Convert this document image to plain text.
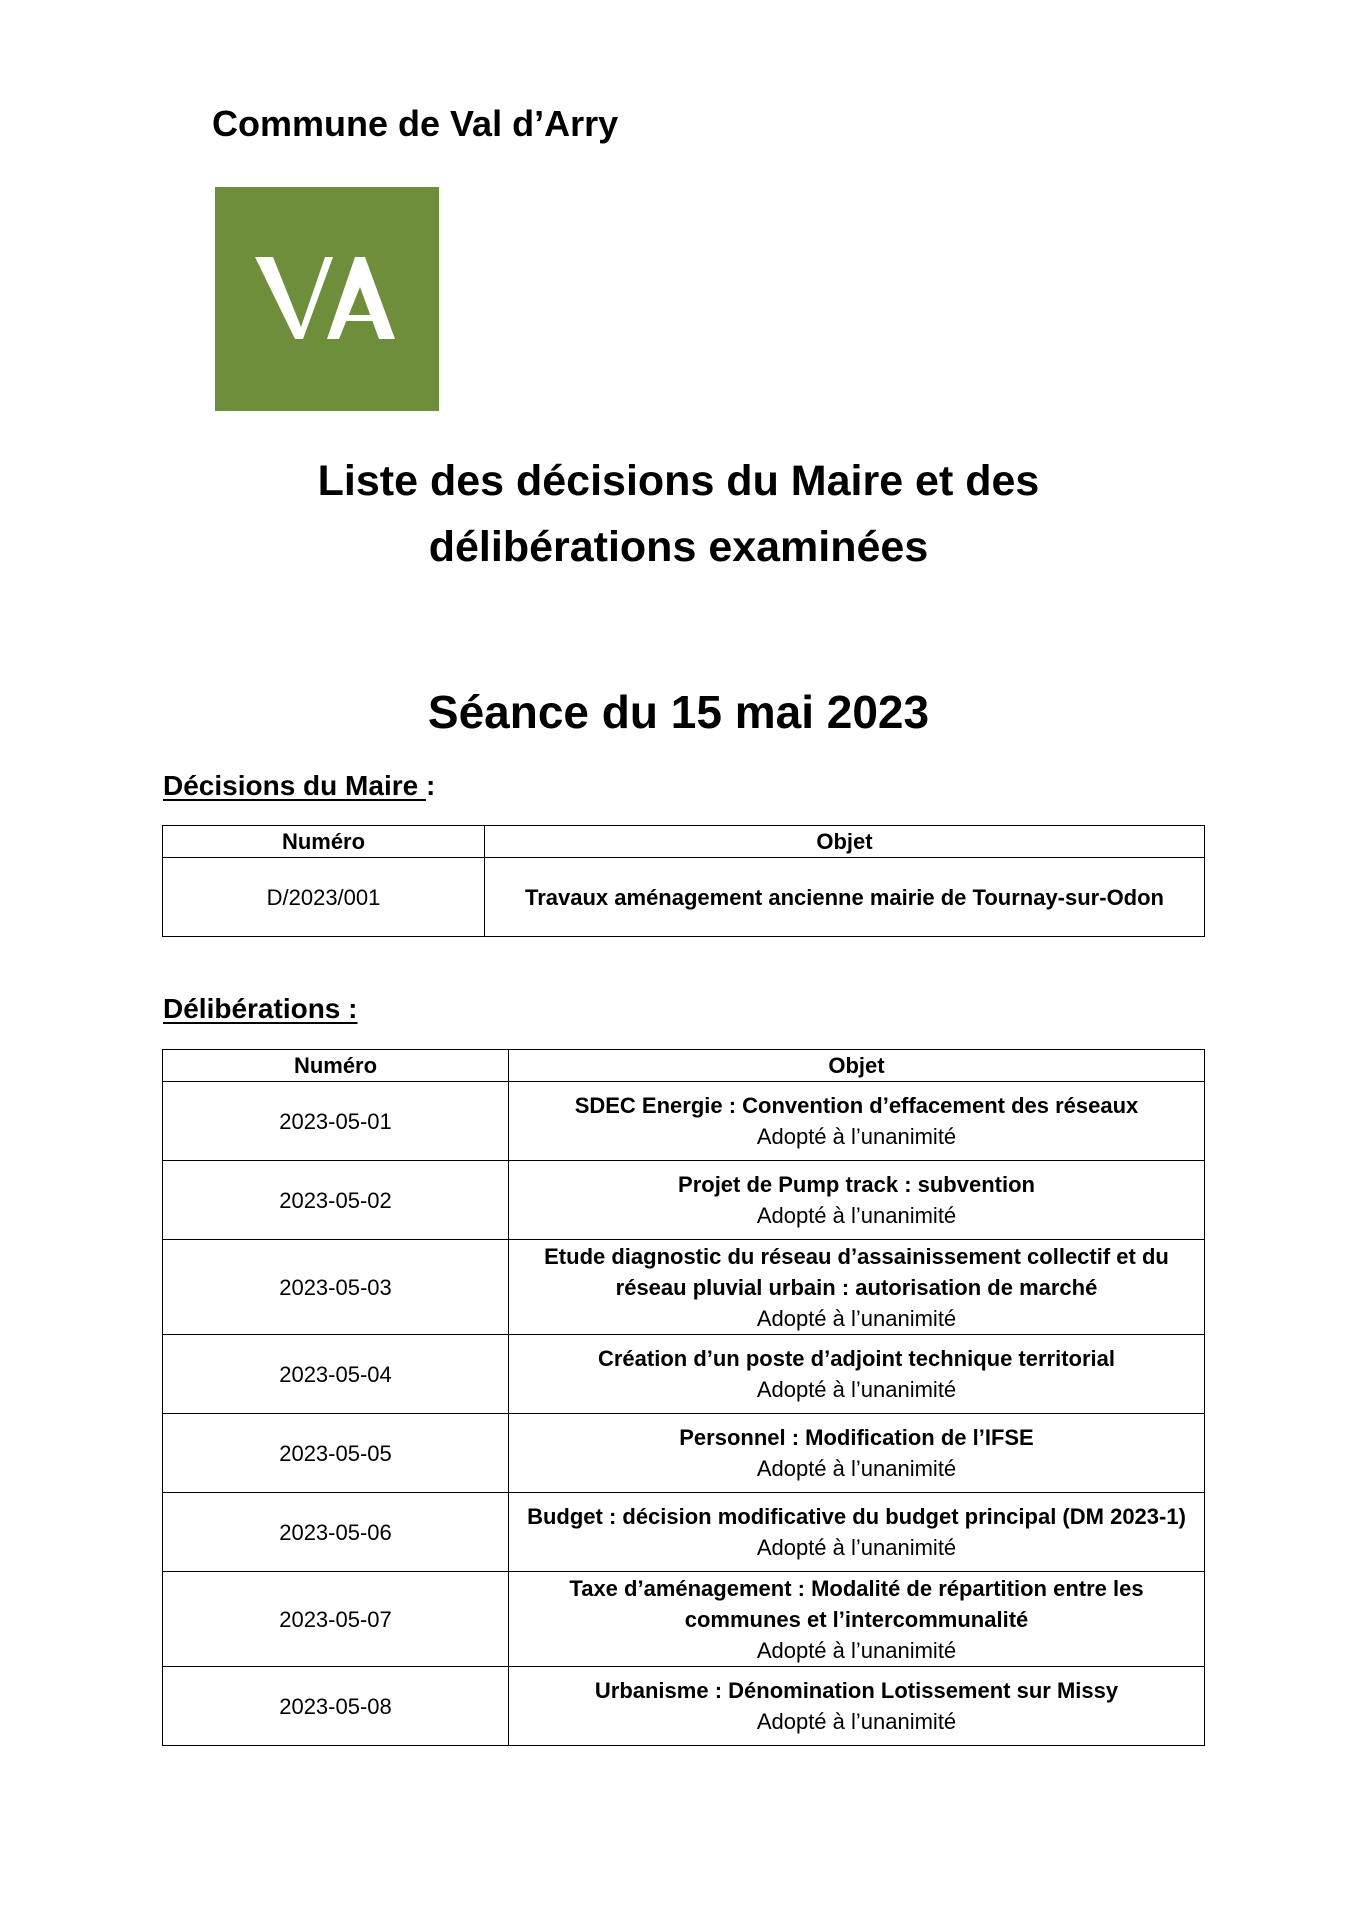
Commune de Val d’Arry
Liste des décisions du Maire et des
délibérations examinées
Séance du 15 mai 2023
Décisions du Maire :
Numéro	Objet
D/2023/001	Travaux aménagement ancienne mairie de Tournay-sur-Odon
Délibérations :
Numéro	Objet
2023-05-01	SDEC Energie : Convention d’effacement des réseaux
Adopté à l’unanimité

2023-05-02	Projet de Pump track : subvention
Adopté à l’unanimité

2023-05-03	Etude diagnostic du réseau d’assainissement collectif et du
réseau pluvial urbain : autorisation de marché
Adopté à l’unanimité

2023-05-04	Création d’un poste d’adjoint technique territorial
Adopté à l’unanimité

2023-05-05	Personnel : Modification de l’IFSE
Adopté à l’unanimité

2023-05-06	Budget : décision modificative du budget principal (DM 2023-1)
Adopté à l’unanimité

2023-05-07	Taxe d’aménagement : Modalité de répartition entre les
communes et l’intercommunalité
Adopté à l’unanimité

2023-05-08	Urbanisme : Dénomination Lotissement sur Missy
Adopté à l’unanimité
